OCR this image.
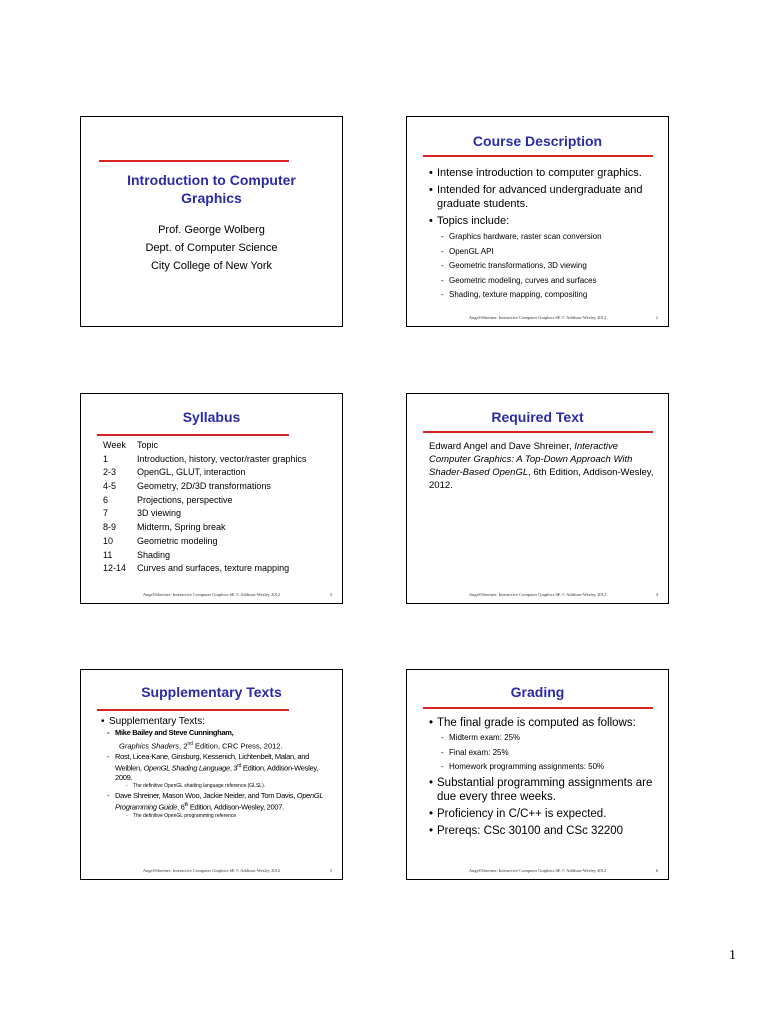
Introduction to Computer
Graphics
Prof. George Wolberg
Dept. of Computer Science
City College of New York
Course Description
• Intense introduction to computer graphics.
• Intended for advanced undergraduate and graduate students.
• Topics include:
- Graphics hardware, raster scan conversion
- OpenGL API
- Geometric transformations, 3D viewing
- Geometric modeling, curves and surfaces
- Shading, texture mapping, compositing
Angel/Shreiner: Interactive Computer Graphics 6E © Addison-Wesley 2012	2
Syllabus
Week	Topic
1	Introduction, history, vector/raster graphics
2-3	OpenGL, GLUT, interaction
4-5	Geometry, 2D/3D transformations
6	Projections, perspective
7	3D viewing
8-9	Midterm, Spring break
10	Geometric modeling
11	Shading
12-14	Curves and surfaces, texture mapping
Angel/Shreiner: Interactive Computer Graphics 6E © Addison-Wesley 2012	3
Required Text
Edward Angel and Dave Shreiner, Interactive Computer Graphics: A Top-Down Approach With Shader-Based OpenGL, 6th Edition, Addison-Wesley, 2012.
Angel/Shreiner: Interactive Computer Graphics 6E © Addison-Wesley 2012	4
Supplementary Texts
• Supplementary Texts:
- Mike Bailey and Steve Cunningham,
Graphics Shaders, 2nd Edition, CRC Press, 2012.
- Rost, Licea-Kane, Ginsburg, Kessenich, Lichtenbelt, Malan, and Weiblen, OpenGL Shading Language, 3rd Edition, Addison-Wesley, 2009.
◦ The definitive OpenGL shading language reference (GLSL).
- Dave Shreiner, Mason Woo, Jackie Neider, and Tom Davis, OpenGL Programming Guide, 6th Edition, Addison-Wesley, 2007.
◦ The definitive OpenGL programming reference
Angel/Shreiner: Interactive Computer Graphics 6E © Addison-Wesley 2012	5
Grading
• The final grade is computed as follows:
- Midterm exam: 25%
- Final exam: 25%
- Homework programming assignments: 50%
• Substantial programming assignments are due every three weeks.
• Proficiency in C/C++ is expected.
• Prereqs: CSc 30100 and CSc 32200
Angel/Shreiner: Interactive Computer Graphics 6E © Addison-Wesley 2012	6
1
